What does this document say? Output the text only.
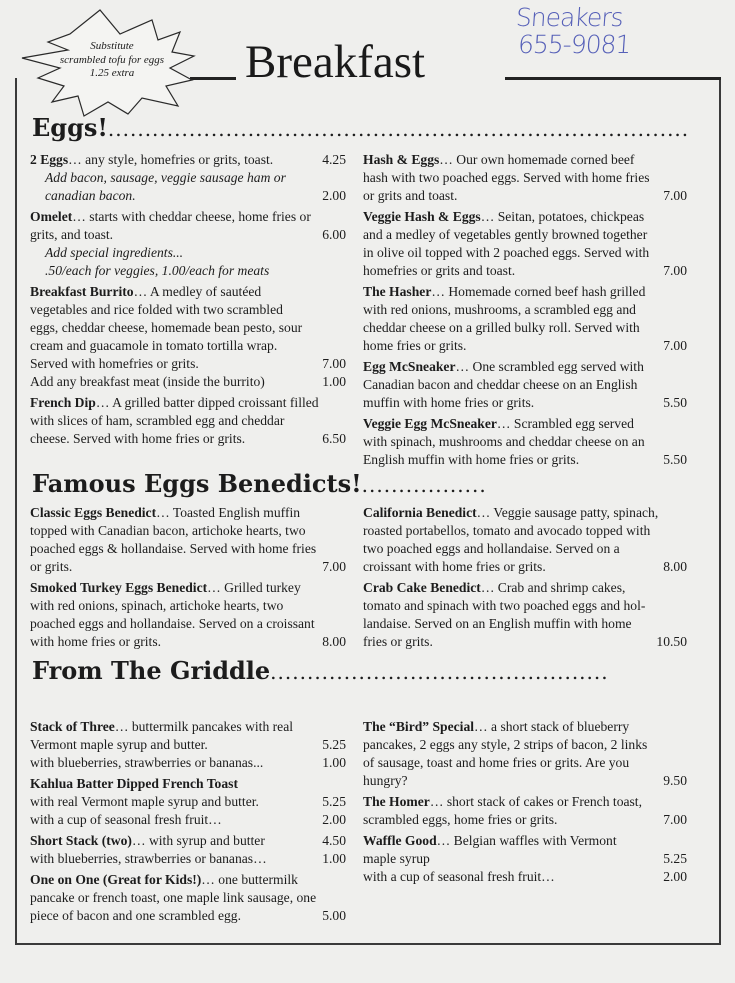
Substitute
scrambled tofu for eggs
1.25 extra	Breakfast
Sneakers
655-9081
Eggs!...............................................................................
2 Eggs… any style, homefries or grits, toast.	4.25
Add bacon, sausage, veggie sausage ham or
canadian bacon.	2.00
Omelet… starts with cheddar cheese, home fries or
grits, and toast.	6.00
Add special ingredients...
.50/each for veggies, 1.00/each for meats
Breakfast Burrito… A medley of sautéed
vegetables and rice folded with two scrambled
eggs, cheddar cheese, homemade bean pesto, sour
cream and guacamole in tomato tortilla wrap.
Served with homefries or grits.	7.00
Add any breakfast meat (inside the burrito)	1.00
French Dip… A grilled batter dipped croissant filled
with slices of ham, scrambled egg and cheddar
cheese. Served with home fries or grits.	6.50
Hash & Eggs… Our own homemade corned beef
hash with two poached eggs. Served with home fries
or grits and toast.	7.00
Veggie Hash & Eggs… Seitan, potatoes, chickpeas
and a medley of vegetables gently browned together
in olive oil topped with 2 poached eggs. Served with
homefries or grits and toast.	7.00
The Hasher… Homemade corned beef hash grilled
with red onions, mushrooms, a scrambled egg and
cheddar cheese on a grilled bulky roll. Served with
home fries or grits.	7.00
Egg McSneaker… One scrambled egg served with
Canadian bacon and cheddar cheese on an English
muffin with home fries or grits.	5.50
Veggie Egg McSneaker… Scrambled egg served
with spinach, mushrooms and cheddar cheese on an
English muffin with home fries or grits.	5.50
Famous Eggs Benedicts!.................
Classic Eggs Benedict… Toasted English muffin
topped with Canadian bacon, artichoke hearts, two
poached eggs & hollandaise. Served with home fries
or grits.	7.00
Smoked Turkey Eggs Benedict… Grilled turkey
with red onions, spinach, artichoke hearts, two
poached eggs and hollandaise. Served on a croissant
with home fries or grits.	8.00
California Benedict… Veggie sausage patty, spinach,
roasted portabellos, tomato and avocado topped with
two poached eggs and hollandaise. Served on a
croissant with home fries or grits.	8.00
Crab Cake Benedict… Crab and shrimp cakes,
tomato and spinach with two poached eggs and hol-
landaise. Served on an English muffin with home
fries or grits.	10.50
From The Griddle..............................................
Stack of Three… buttermilk pancakes with real
Vermont maple syrup and butter.	5.25
with blueberries, strawberries or bananas...	1.00
Kahlua Batter Dipped French Toast
with real Vermont maple syrup and butter.	5.25
with a cup of seasonal fresh fruit…	2.00
Short Stack (two)… with syrup and butter	4.50
with blueberries, strawberries or bananas…	1.00
One on One (Great for Kids!)… one buttermilk
pancake or french toast, one maple link sausage, one
piece of bacon and one scrambled egg.	5.00
The “Bird” Special… a short stack of blueberry
pancakes, 2 eggs any style, 2 strips of bacon, 2 links
of sausage, toast and home fries or grits. Are you
hungry?	9.50
The Homer… short stack of cakes or French toast,
scrambled eggs, home fries or grits.	7.00
Waffle Good… Belgian waffles with Vermont
maple syrup	5.25
with a cup of seasonal fresh fruit…	2.00
